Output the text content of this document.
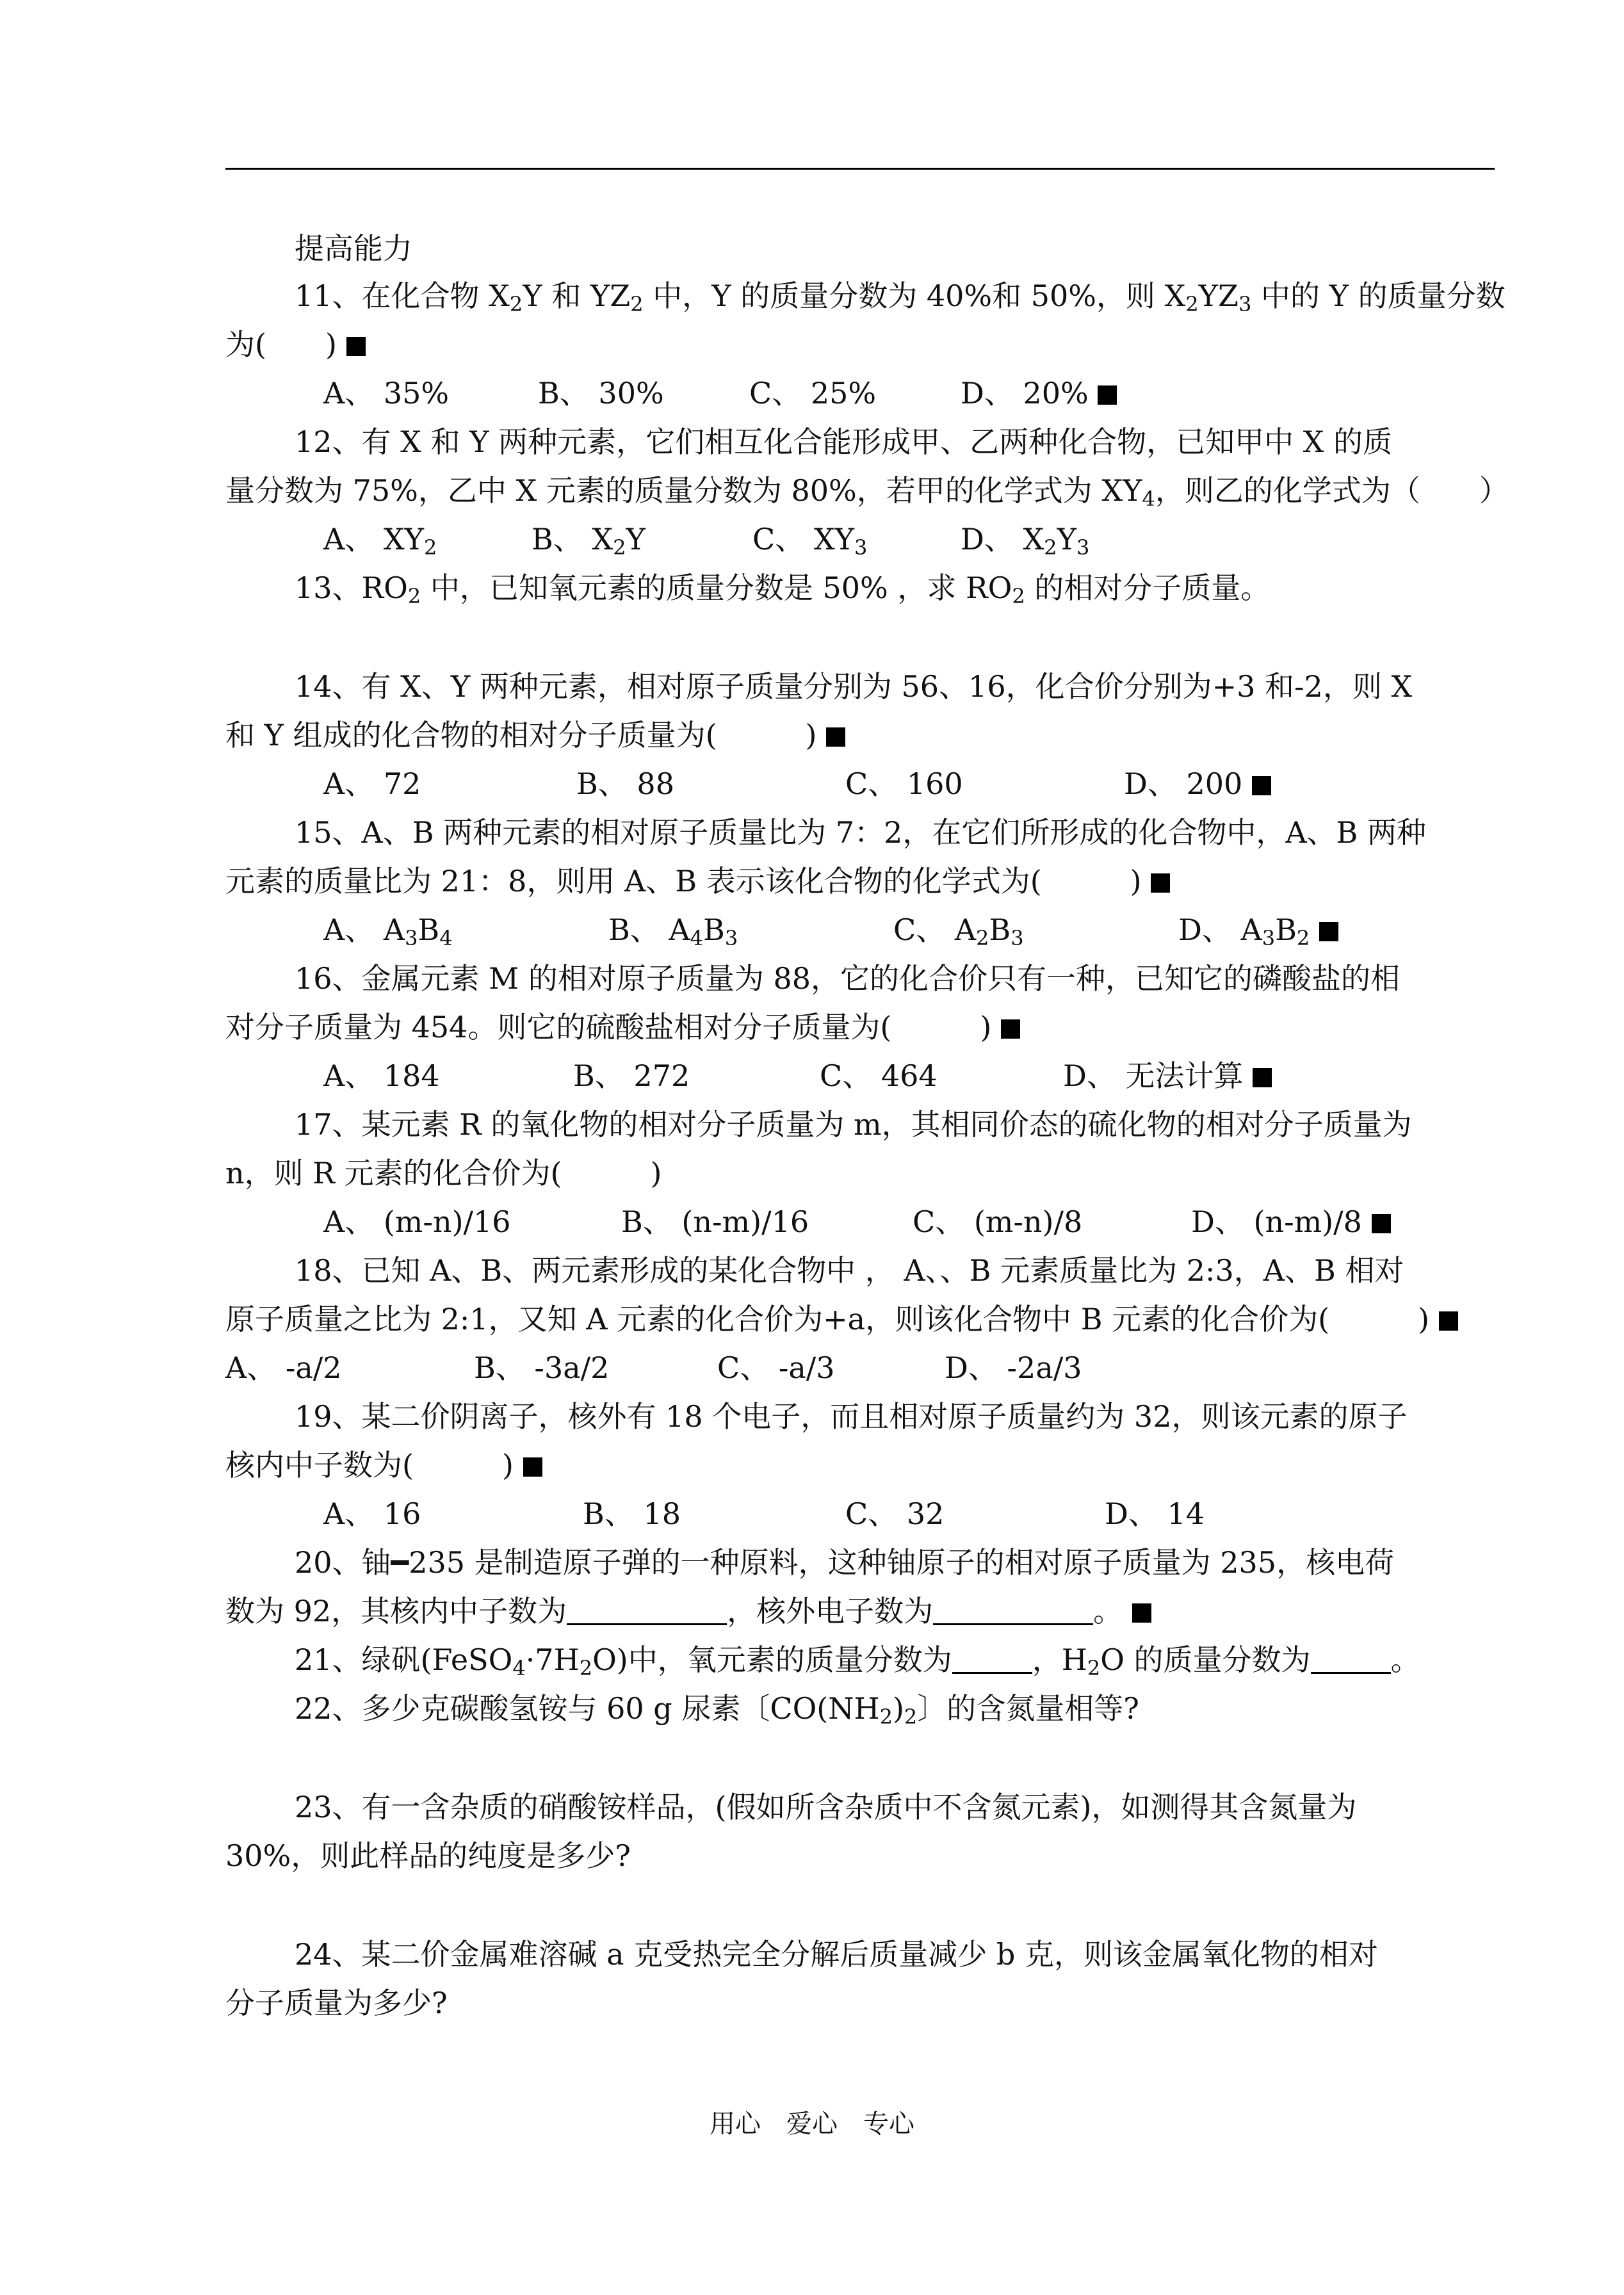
提高能力
11、在化合物 $X_2Y$ 和 $YZ_2$ 中，Y 的质量分数为 40%和 50%，则 $X_2YZ_3$ 中的 Y 的质量分数
为(　　)
A、 35%	B、 30%	C、 25%	D、 20%
12、有 X 和 Y 两种元素，它们相互化合能形成甲、乙两种化合物，已知甲中 X 的质
量分数为 75%，乙中 X 元素的质量分数为 80%，若甲的化学式为 $XY_4$，则乙的化学式为（　　）
A、 $XY_2$	B、 $X_2Y$	C、 $XY_3$	D、 $X_2Y_3$
13、$RO_2$ 中，已知氧元素的质量分数是 50% ，求 $RO_2$ 的相对分子质量。
14、有 X、Y 两种元素，相对原子质量分别为 56、16，化合价分别为+3 和-2，则 X
和 Y 组成的化合物的相对分子质量为(　　　)
A、 72	B、 88	C、 160	D、 200
15、A、B 两种元素的相对原子质量比为 7：2，在它们所形成的化合物中，A、B 两种
元素的质量比为 21：8，则用 A、B 表示该化合物的化学式为(　　　)
A、 $A_3B_4$	B、 $A_4B_3$	C、 $A_2B_3$	D、 $A_3B_2$
16、金属元素 M 的相对原子质量为 88，它的化合价只有一种，已知它的磷酸盐的相
对分子质量为 454。则它的硫酸盐相对分子质量为(　　　)
A、 184	B、 272	C、 464	D、 无法计算
17、某元素 R 的氧化物的相对分子质量为 m，其相同价态的硫化物的相对分子质量为
n，则 R 元素的化合价为(　　　)
A、 (m-n)/16	B、 (n-m)/16	C、 (m-n)/8	D、 (n-m)/8
18、已知 A、B、两元素形成的某化合物中 ， A、、B 元素质量比为 2:3，A、B 相对
原子质量之比为 2:1，又知 A 元素的化合价为+a，则该化合物中 B 元素的化合价为(　　　)
A、 -a/2	B、 -3a/2	C、 -a/3	D、 -2a/3
19、某二价阴离子，核外有 18 个电子，而且相对原子质量约为 32，则该元素的原子
核内中子数为(　　　)
A、 16	B、 18	C、 32	D、 14
20、铀━235 是制造原子弹的一种原料，这种铀原子的相对原子质量为 235，核电荷
数为 92，其核内中子数为	，核外电子数为	。
21、绿矾$(FeSO_4\cdot 7H_2O)$中，氧元素的质量分数为	，$H_2O$ 的质量分数为	。
22、多少克碳酸氢铵与 60 g 尿素〔$CO(NH_2)_2$〕的含氮量相等?
23、有一含杂质的硝酸铵样品，(假如所含杂质中不含氮元素)，如测得其含氮量为
30%，则此样品的纯度是多少?
24、某二价金属难溶碱 a 克受热完全分解后质量减少 b 克，则该金属氧化物的相对
分子质量为多少?
用心　爱心　专心
